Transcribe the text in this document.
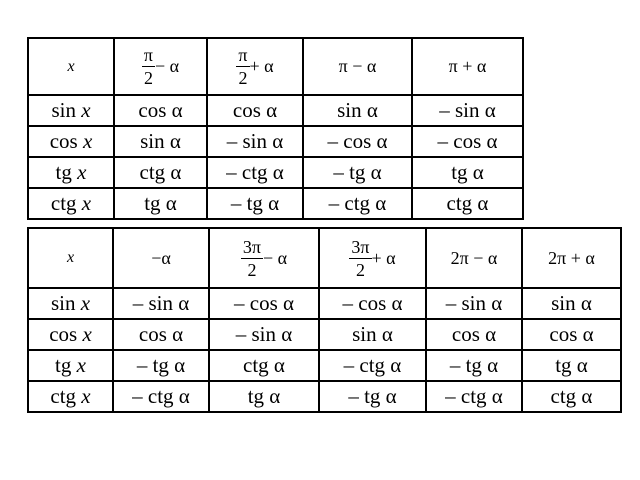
x	$\frac{\pi}{2} - \alpha$	$\frac{\pi}{2} + \alpha$	π − α	π + α
sin x	cos α	cos α	sin α	– sin α
cos x	sin α	– sin α	– cos α	– cos α
tg x	ctg α	– ctg α	– tg α	tg α
ctg x	tg α	– tg α	– ctg α	ctg α
x	−α	$\frac{3\pi}{2} - \alpha$	$\frac{3\pi}{2} + \alpha$	2π − α	2π + α
sin x	– sin α	– cos α	– cos α	– sin α	sin α
cos x	cos α	– sin α	sin α	cos α	cos α
tg x	– tg α	ctg α	– ctg α	– tg α	tg α
ctg x	– ctg α	tg α	– tg α	– ctg α	ctg α
